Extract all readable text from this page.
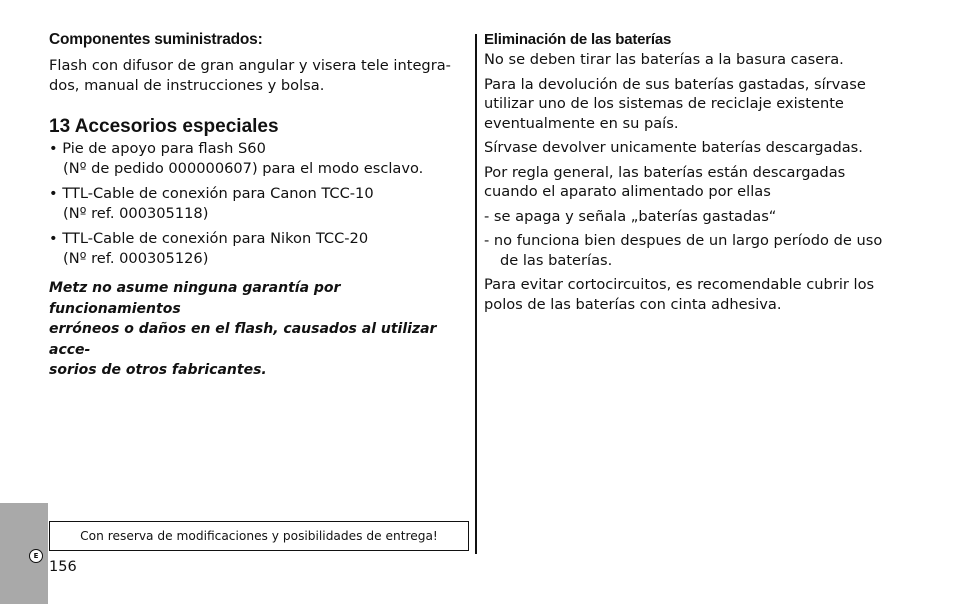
E
Componentes suministrados:

Flash con difusor de gran angular y visera tele integra-

dos, manual de instrucciones y bolsa.

13 Accesorios especiales
• Pie de apoyo para flash S60
(Nº de pedido 000000607) para el modo esclavo.
• TTL-Cable de conexión para Canon TCC-10
(Nº ref. 000305118)
• TTL-Cable de conexión para Nikon TCC-20
(Nº ref. 000305126)
Metz no asume ninguna garantía por funcionamientos
erróneos o daños en el flash, causados al utilizar acce-
sorios de otros fabricantes.
Eliminación de las baterías

No se deben tirar las baterías a la basura casera.

Para la devolución de sus baterías gastadas, sírvase

utilizar uno de los sistemas de reciclaje existente

eventualmente en su país.

Sírvase devolver unicamente baterías descargadas.

Por regla general, las baterías están descargadas

cuando el aparato alimentado por ellas

- se apaga y señala „baterías gastadas“

- no funciona bien despues de un largo período de uso

de las baterías.

Para evitar cortocircuitos, es recomendable cubrir los

polos de las baterías con cinta adhesiva.

Con reserva de modificaciones y posibilidades de entrega!
156
